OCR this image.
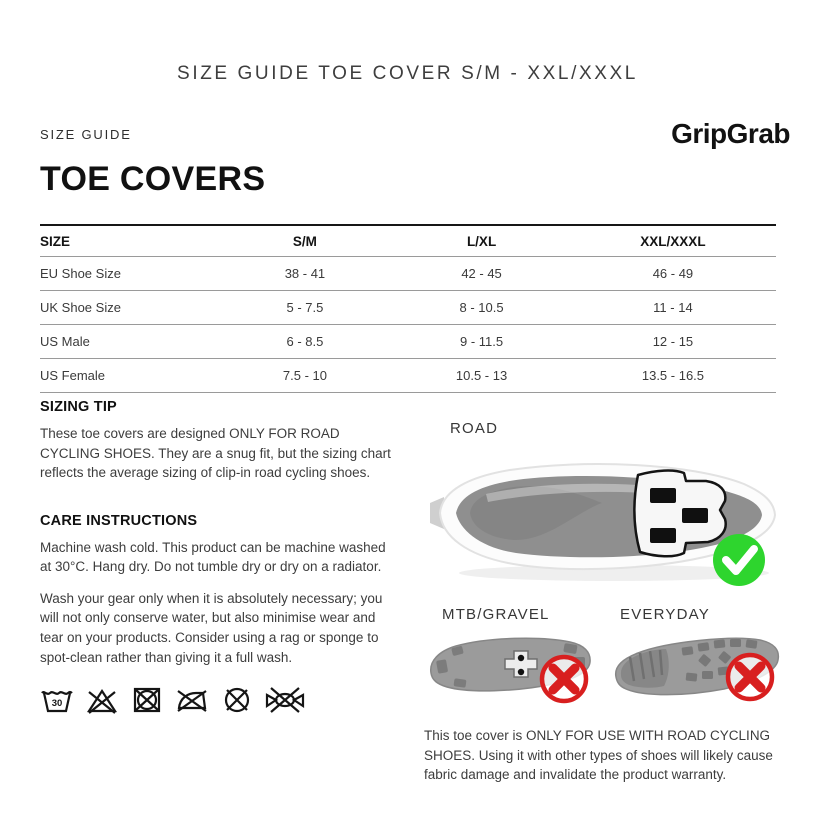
SIZE GUIDE TOE COVER S/M - XXL/XXXL
SIZE GUIDE	GripGrab
TOE COVERS
SIZE	S/M	L/XL	XXL/XXXL
EU Shoe Size	38 - 41	42 - 45	46 - 49
UK Shoe Size	5 - 7.5	8 - 10.5	11 - 14
US Male	6 - 8.5	9 - 11.5	12 - 15
US Female	7.5 - 10	10.5 - 13	13.5 - 16.5
SIZING TIP

These toe covers are designed ONLY FOR ROAD CYCLING SHOES. They are a snug fit, but the sizing chart reflects the average sizing of clip-in road cycling shoes.

CARE INSTRUCTIONS

Machine wash cold. This product can be machine washed at 30°C. Hang dry. Do not tumble dry or dry on a radiator.

Wash your gear only when it is absolutely necessary; you will not only conserve water, but also minimise wear and tear on your products. Consider using a rag or sponge to spot-clean rather than giving it a full wash.

30
ROAD
MTB/GRAVEL	EVERYDAY

This toe cover is ONLY FOR USE WITH ROAD CYCLING SHOES. Using it with other types of shoes will likely cause fabric damage and invalidate the product warranty.
